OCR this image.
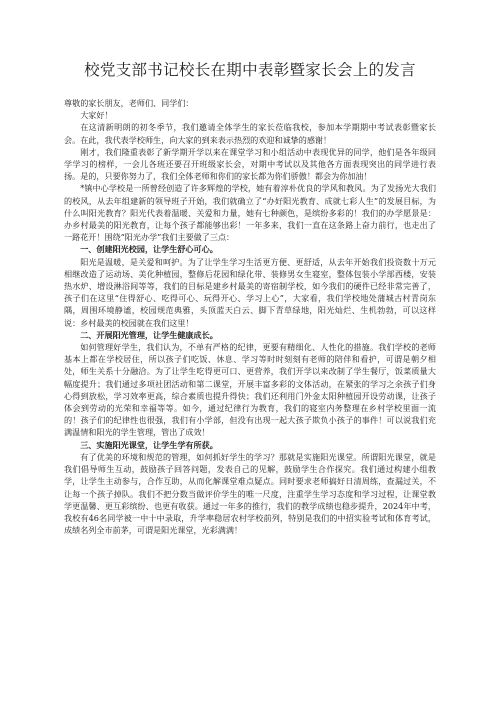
校党支部书记校长在期中表彰暨家长会上的发言

尊敬的家长朋友，老师们、同学们：

大家好！

在这清新明朗的初冬季节，我们邀请全体学生的家长莅临我校，参加本学期期中考试表彰暨家长会。在此，我代表学校师生，向大家的到来表示热烈的欢迎和诚挚的感谢！

刚才，我们隆重表彰了新学期开学以来在课堂学习和小组活动中表现优异的同学，他们是各年级同学学习的榜样，一会儿各班还要召开班级家长会，对期中考试以及其他各方面表现突出的同学进行表扬。是的，只要你努力了，我们全体老师和你们的家长都为你们骄傲！都会为你加油！

*镇中心学校是一所曾经创造了许多辉煌的学校，她有着淳朴优良的学风和教风。为了发扬光大我们的校风，从去年组建新的领导班子开始，我们就确立了“办好阳光教育、成就七彩人生”的发展目标，为什么叫阳光教育？阳光代表着温暖、关爱和力量，她有七种颜色，是缤纷多彩的！我们的办学愿景是：办乡村最美的阳光教育，让每个孩子都能够出彩！一年多来，我们一直在这条路上奋力前行，也走出了一路花开！围绕“阳光办学”我们主要做了三点：

一、创建阳光校园，让学生舒心可心。

阳光是温暖，是关爱和呵护。为了让学生学习生活更方便、更舒适，从去年开始我们投资数十万元相继改造了运动场、美化种植园，整修后花园和绿化带、装修男女生寝室，整体包装小学部西楼，安装热水炉、增设淋浴间等等，我们的目标是建乡村最美的寄宿制学校，如今我们的硬件已经非常完善了，孩子们在这里“住得舒心、吃得可心、玩得开心、学习上心”，大家看，我们学校地处蒲城古村青岗东隅，周围环境静谧，校园规范典雅，头顶蓝天白云、脚下青草绿地，阳光灿烂、生机勃勃，可以这样说：乡村最美的校园就在我们这里！

二、开展阳光管理，让学生健康成长。

如何管理好学生，我们认为，不单有严格的纪律，更要有精细化、人性化的措施。我们学校的老师基本上都在学校居住，所以孩子们吃饭、休息、学习等时时刻刻有老师的陪伴和看护，可谓是朝夕相处，师生关系十分融洽。为了让学生吃得更可口、更营养，我们开学以来改制了学生餐厅，饭菜质量大幅度提升；我们通过多项社团活动和第二课堂，开展丰富多彩的文体活动，在紧张的学习之余孩子们身心得到放松，学习效率更高，综合素质也提升得快；我们还利用门外金太阳种植园开设劳动课，让孩子体会到劳动的光荣和幸福等等。如今，通过纪律行为教育，我们的寝室内务整理在乡村学校里面一流的！孩子们的纪律性也很强，我们有小学部，但没有出现一起大孩子欺负小孩子的事件！可以说我们充满温情和阳光的学生管理，管出了成效！

三、实施阳光课堂，让学生学有所获。

有了优美的环境和规范的管理，如何抓好学生的学习？那就是实施阳光课堂。所谓阳光课堂，就是我们倡导师生互动，鼓励孩子回答问题，发表自己的见解，鼓励学生合作探究。我们通过构建小组教学，让学生主动参与，合作互助，从而化解课堂难点疑点。同时要求老师搞好日清周练，查漏过关，不让每一个孩子掉队。我们不把分数当做评价学生的唯一尺度，注重学生学习态度和学习过程，让课堂教学更温馨、更互彩缤纷、也更有收获。通过一年多的推行，我们的教学成绩也稳步提升，2024年中考，我校有46名同学被一中十中录取，升学率稳居农村学校前列，特别是我们的中招实验考试和体育考试，成绩名列全市前茅，可谓是阳光课堂，光彩满满！
